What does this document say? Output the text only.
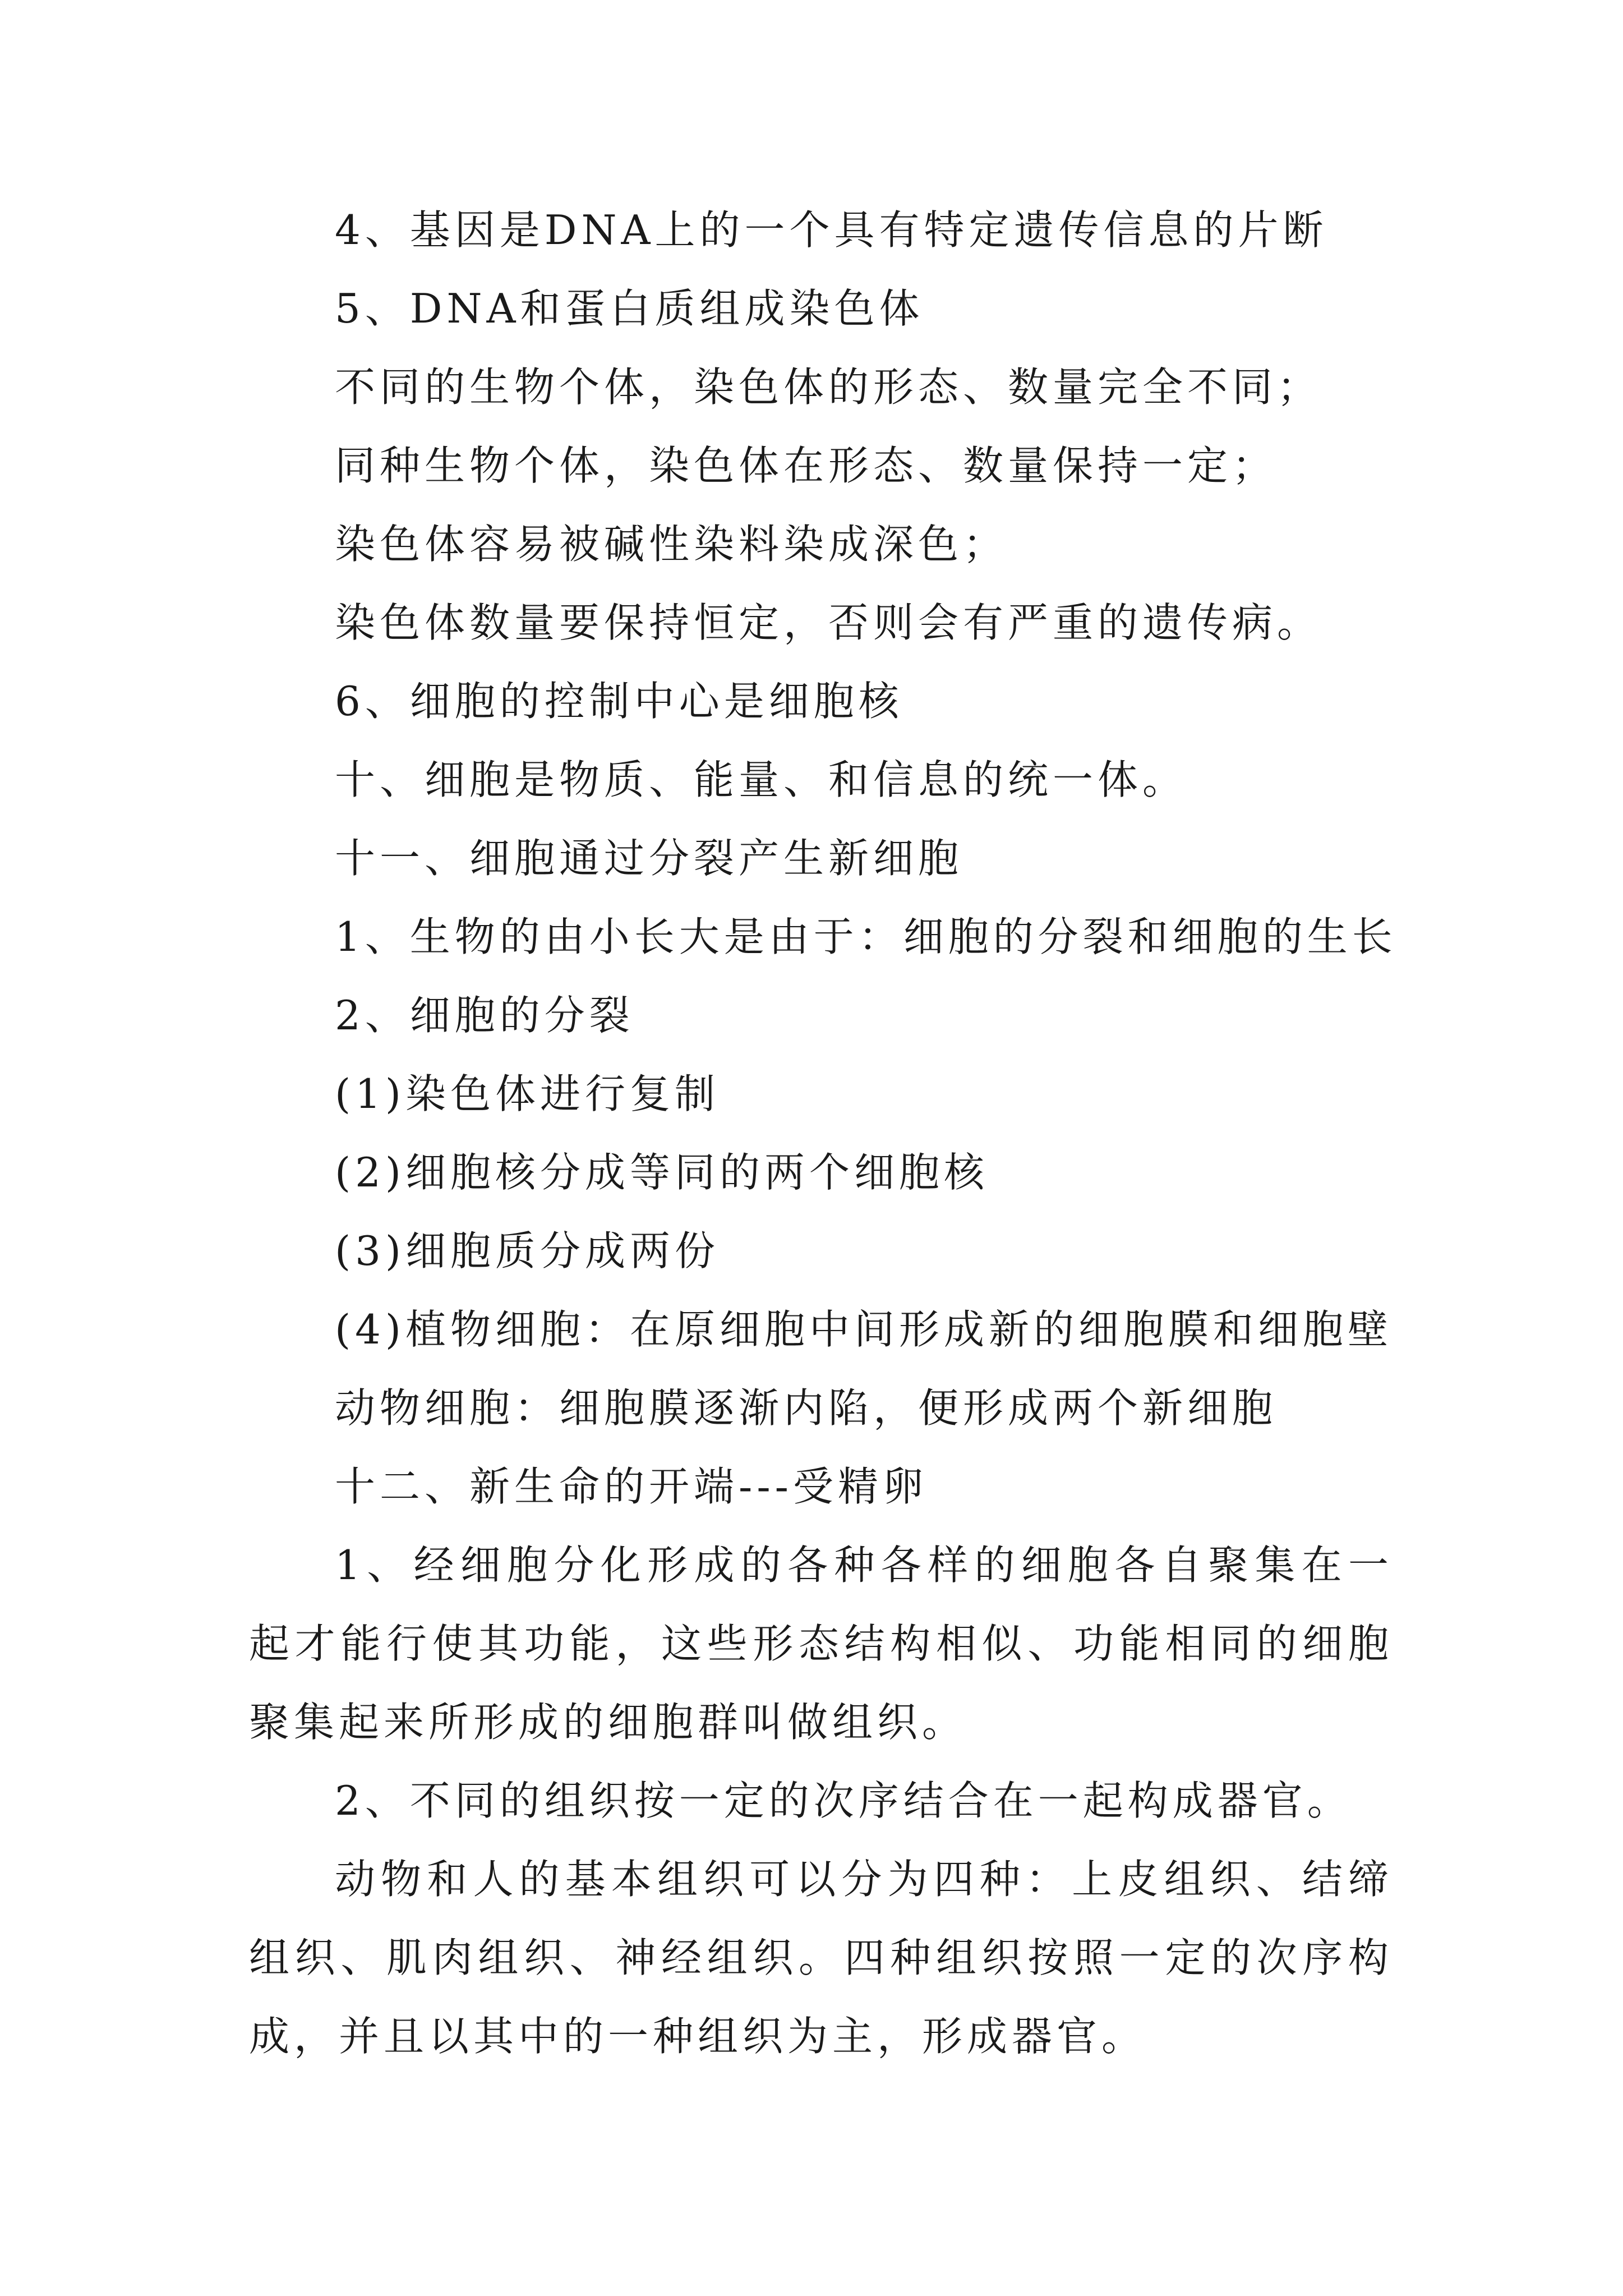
4、基因是DNA上的一个具有特定遗传信息的片断
5、DNA和蛋白质组成染色体
不同的生物个体，染色体的形态、数量完全不同；
同种生物个体，染色体在形态、数量保持一定；
染色体容易被碱性染料染成深色；
染色体数量要保持恒定，否则会有严重的遗传病。
6、细胞的控制中心是细胞核
十、细胞是物质、能量、和信息的统一体。
十一、细胞通过分裂产生新细胞
1、生物的由小长大是由于：细胞的分裂和细胞的生长
2、细胞的分裂
(1)染色体进行复制
(2)细胞核分成等同的两个细胞核
(3)细胞质分成两份
(4)植物细胞：在原细胞中间形成新的细胞膜和细胞壁
动物细胞：细胞膜逐渐内陷，便形成两个新细胞
十二、新生命的开端---受精卵

1、经细胞分化形成的各种各样的细胞各自聚集在一起才能行使其功能，这些形态结构相似、功能相同的细胞聚集起来所形成的细胞群叫做组织。

2、不同的组织按一定的次序结合在一起构成器官。

动物和人的基本组织可以分为四种：上皮组织、结缔组织、肌肉组织、神经组织。四种组织按照一定的次序构成，并且以其中的一种组织为主，形成器官。
